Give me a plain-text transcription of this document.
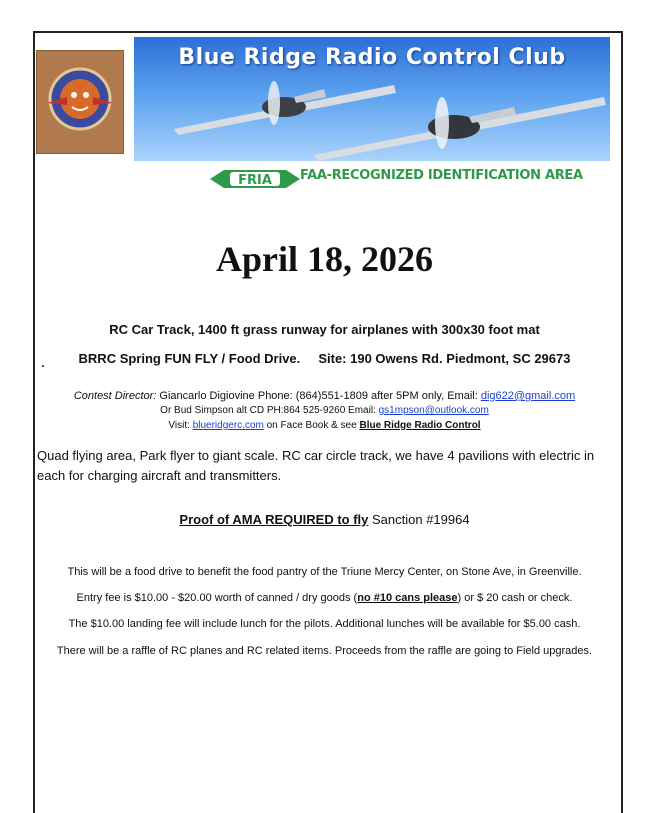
Blue Ridge Radio Control Club
FRIA FAA-RECOGNIZED IDENTIFICATION AREA
April 18, 2026
RC Car Track, 1400 ft grass runway for airplanes with 300x30 foot mat
BRRC Spring FUN FLY / Food Drive.     Site: 190 Owens Rd. Piedmont, SC 29673
Contest Director: Giancarlo Digiovine Phone: (864)551-1809 after 5PM only, Email: dig622@gmail.com
Or Bud Simpson alt CD PH:864 525-9260 Email: gs1mpson@outlook.com
Visit: blueridgerc.com on Face Book & see Blue Ridge Radio Control
Quad flying area, Park flyer to giant scale. RC car circle track, we have 4 pavilions with electric in each for charging aircraft and transmitters.
Proof of AMA REQUIRED to fly Sanction #19964
This will be a food drive to benefit the food pantry of the Triune Mercy Center, on Stone Ave, in Greenville.
Entry fee is $10.00 - $20.00 worth of canned / dry goods (no #10 cans please) or $ 20 cash or check.
The $10.00 landing fee will include lunch for the pilots. Additional lunches will be available for $5.00 cash.
There will be a raffle of RC planes and RC related items. Proceeds from the raffle are going to Field upgrades.
